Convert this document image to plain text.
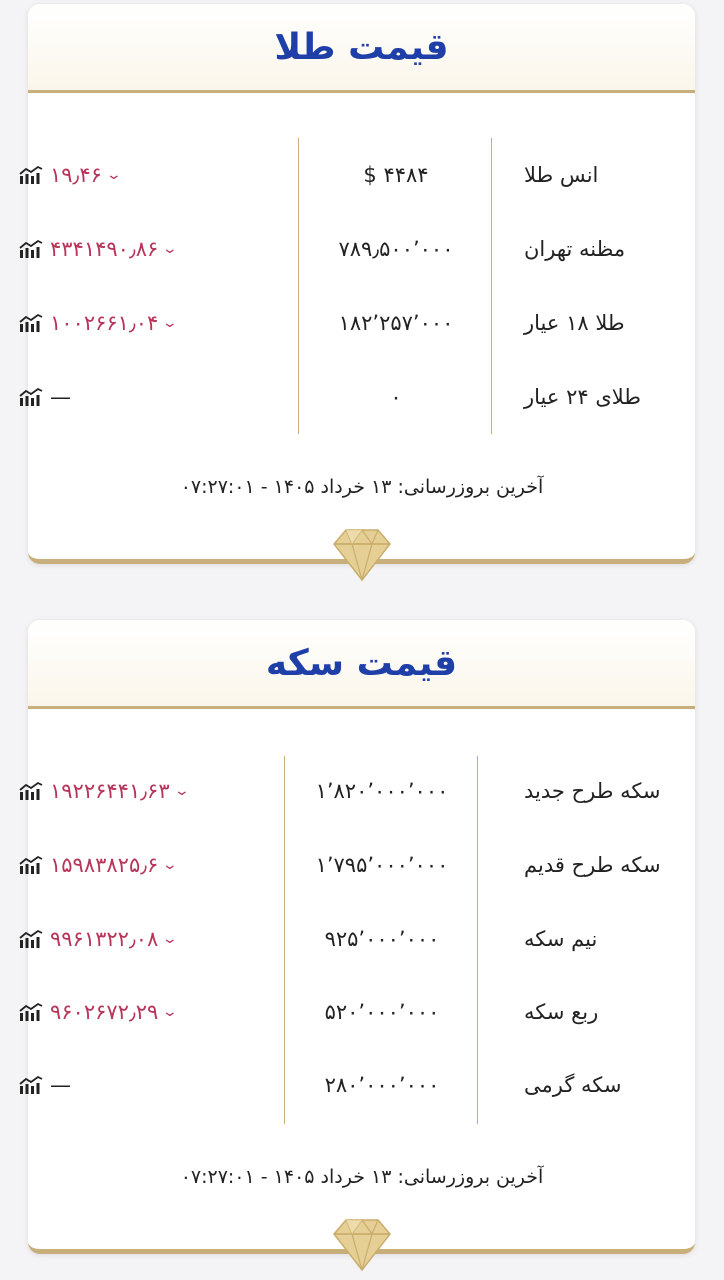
قیمت طلا
قیمت سکه
انس طلا
$ ۴۴۸۴
۱۹٫۴۶ ⌄
مظنه تهران
۷۸۹٫۵۰۰٬۰۰۰
۴۳۴۱۴۹۰٫۸۶ ⌄
طلا ۱۸ عیار
۱۸۲٬۲۵۷٬۰۰۰
۱۰۰۲۶۶۱٫۰۴ ⌄
طلای ۲۴ عیار
۰
—
آخرین بروزرسانی: ۱۳ خرداد ۱۴۰۵ - ۰۷:۲۷:۰۱
سکه طرح جدید
۱٬۸۲۰٬۰۰۰٬۰۰۰
۱۹۲۲۶۴۴۱٫۶۳ ⌄
سکه طرح قدیم
۱٬۷۹۵٬۰۰۰٬۰۰۰
۱۵۹۸۳۸۲۵٫۶ ⌄
نیم سکه
۹۲۵٬۰۰۰٬۰۰۰
۹۹۶۱۳۲۲٫۰۸ ⌄
ربع سکه
۵۲۰٬۰۰۰٬۰۰۰
۹۶۰۲۶۷۲٫۲۹ ⌄
سکه گرمی
۲۸۰٬۰۰۰٬۰۰۰
—
آخرین بروزرسانی: ۱۳ خرداد ۱۴۰۵ - ۰۷:۲۷:۰۱
